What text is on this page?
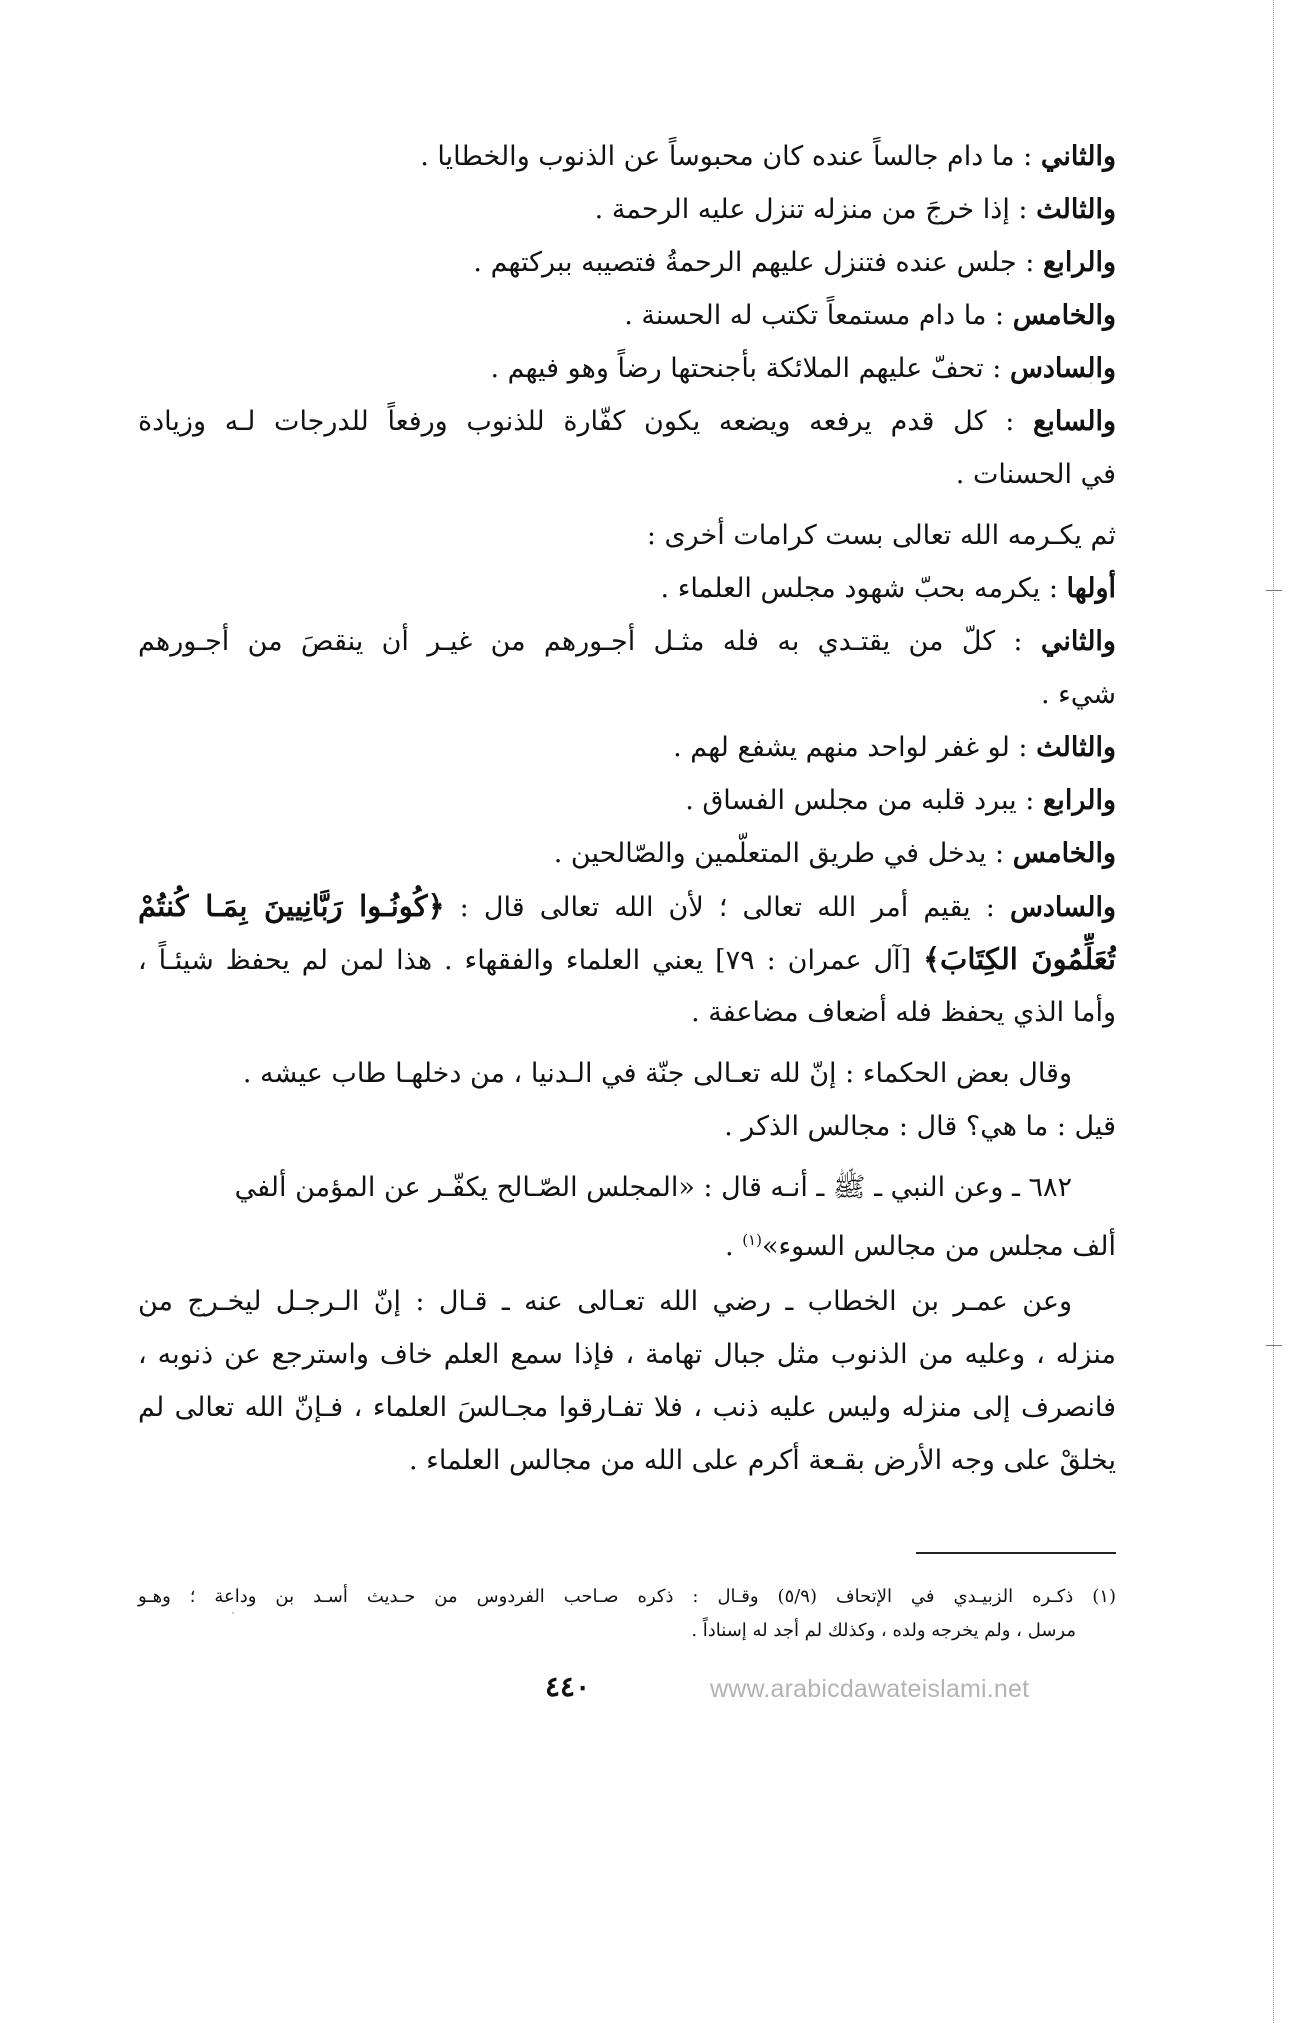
والثاني : ما دام جالساً عنده كان محبوساً عن الذنوب والخطايا .
والثالث : إذا خرجَ من منزله تنزل عليه الرحمة .
والرابع : جلس عنده فتنزل عليهم الرحمةُ فتصيبه ببركتهم .
والخامس : ما دام مستمعاً تكتب له الحسنة .
والسادس : تحفّ عليهم الملائكة بأجنحتها رضاً وهو فيهم .
والسابع : كل قدم يرفعه ويضعه يكون كفّارة للذنوب ورفعاً للدرجات لـه وزيادة
في الحسنات .
ثم يكـرمه الله تعالى بست كرامات أخرى :
أولها : يكرمه بحبّ شهود مجلس العلماء .
والثاني : كلّ من يقتـدي به فله مثـل أجـورهم من غيـر أن ينقصَ من أجـورهم
شيء .
والثالث : لو غفر لواحد منهم يشفع لهم .
والرابع : يبرد قلبه من مجلس الفساق .
والخامس : يدخل في طريق المتعلّمين والصّالحين .
والسادس : يقيم أمر الله تعالى ؛ لأن الله تعالى قال : ﴿كُونُـوا رَبَّانِيينَ بِمَـا كُنتُمْ
تُعَلِّمُونَ الكِتَابَ﴾ [آل عمران : ٧٩] يعني العلماء والفقهاء . هذا لمن لم يحفظ شيئـاً ،
وأما الذي يحفظ فله أضعاف مضاعفة .
وقال بعض الحكماء : إنّ لله تعـالى جنّة في الـدنيا ، من دخلهـا طاب عيشه .
قيل : ما هي؟ قال : مجالس الذكر .
٦٨٢ ـ وعن النبي ـ ﷺ ـ أنـه قال : «المجلس الصّـالح يكفّـر عن المؤمن ألفي
ألف مجلس من مجالس السوء»$^{(١)}$ .
وعن عمـر بن الخطاب ـ رضي الله تعـالى عنه ـ قـال : إنّ الـرجـل ليخـرج من
منزله ، وعليه من الذنوب مثل جبال تهامة ، فإذا سمع العلم خاف واسترجع عن ذنوبه ،
فانصرف إلى منزله وليس عليه ذنب ، فلا تفـارقوا مجـالسَ العلماء ، فـإنّ الله تعالى لم
يخلقْ على وجه الأرض بقـعة أكرم على الله من مجالس العلماء .
(١) ذكـره الزبيـدي في الإتحاف (٥/٩) وقـال : ذكره صـاحب الفردوس من حـديث أسـد بن وداعة ؛ وهـو
مرسل ، ولم يخرجه ولده ، وكذلك لم أجد له إسناداً .
٤٤٠	www.arabicdawateislami.net
